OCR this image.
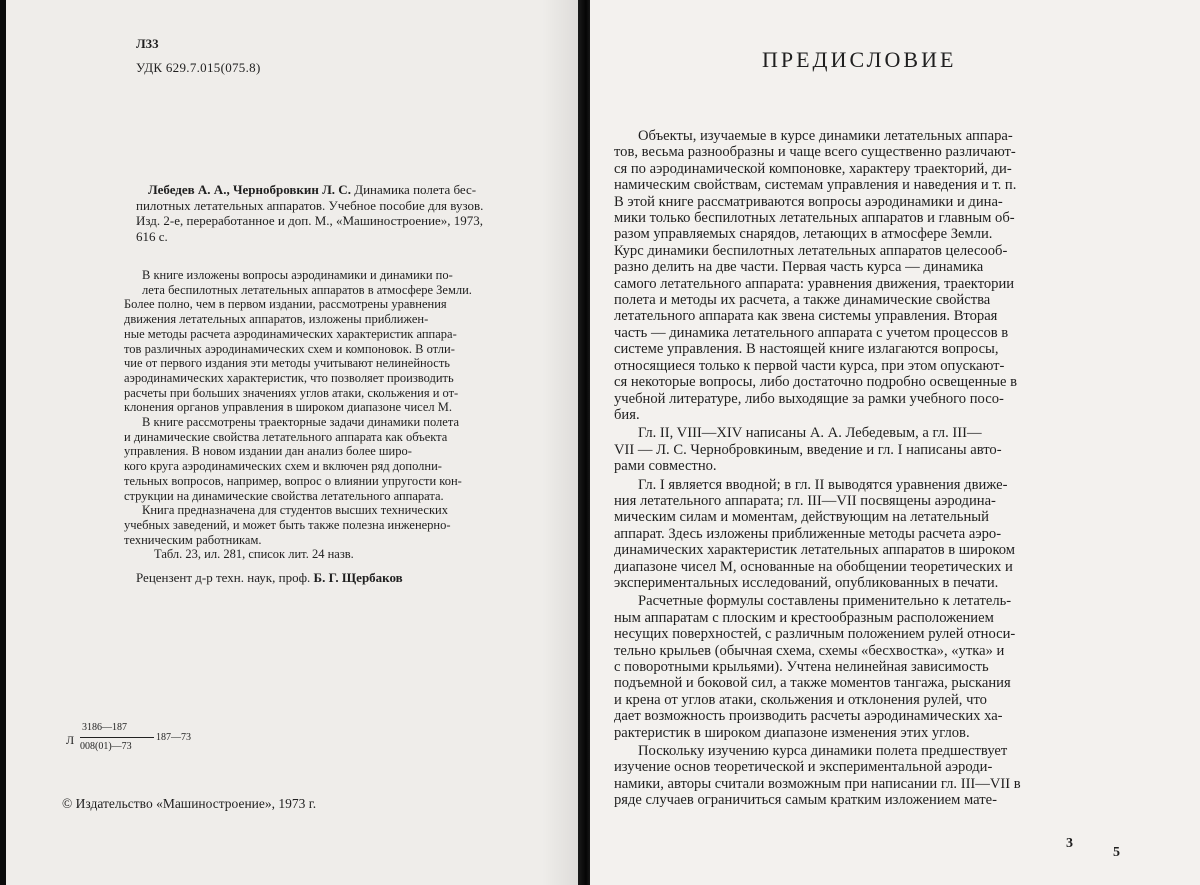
Л33
УДК 629.7.015(075.8)
Лебедев А. А., Чернобровкин Л. С. Динамика полета бес-
пилотных летательных аппаратов. Учебное пособие для вузов.
Изд. 2-е, переработанное и доп. М., «Машиностроение», 1973,
616 с.
В книге изложены вопросы аэродинамики и динамики по-
лета беспилотных летательных аппаратов в атмосфере Земли.
Более полно, чем в первом издании, рассмотрены уравнения
движения летательных аппаратов, изложены приближен-
ные методы расчета аэродинамических характеристик аппара-
тов различных аэродинамических схем и компоновок. В отли-
чие от первого издания эти методы учитывают нелинейность
аэродинамических характеристик, что позволяет производить
расчеты при больших значениях углов атаки, скольжения и от-
клонения органов управления в широком диапазоне чисел М.
В книге рассмотрены траекторные задачи динамики полета
и динамические свойства летательного аппарата как объекта
управления. В новом издании дан анализ более широ-
кого круга аэродинамических схем и включен ряд дополни-
тельных вопросов, например, вопрос о влиянии упругости кон-
струкции на динамические свойства летательного аппарата.
Книга предназначена для студентов высших технических
учебных заведений, и может быть также полезна инженерно-
техническим работникам.
Табл. 23, ил. 281, список лит. 24 назв.
Рецензент д-р техн. наук, проф. Б. Г. Щербаков
Л
3186—187
008(01)—73
187—73
© Издательство «Машиностроение», 1973 г.
ПРЕДИСЛОВИЕ
Объекты, изучаемые в курсе динамики летательных аппара-
тов, весьма разнообразны и чаще всего существенно различают-
ся по аэродинамической компоновке, характеру траекторий, ди-
намическим свойствам, системам управления и наведения и т. п.
В этой книге рассматриваются вопросы аэродинамики и дина-
мики только беспилотных летательных аппаратов и главным об-
разом управляемых снарядов, летающих в атмосфере Земли.
Курс динамики беспилотных летательных аппаратов целесооб-
разно делить на две части. Первая часть курса — динамика
самого летательного аппарата: уравнения движения, траектории
полета и методы их расчета, а также динамические свойства
летательного аппарата как звена системы управления. Вторая
часть — динамика летательного аппарата с учетом процессов в
системе управления. В настоящей книге излагаются вопросы,
относящиеся только к первой части курса, при этом опускают-
ся некоторые вопросы, либо достаточно подробно освещенные в
учебной литературе, либо выходящие за рамки учебного посо-
бия.
Гл. II, VIII—XIV написаны А. А. Лебедевым, а гл. III—
VII — Л. С. Чернобровкиным, введение и гл. I написаны авто-
рами совместно.
Гл. I является вводной; в гл. II выводятся уравнения движе-
ния летательного аппарата; гл. III—VII посвящены аэродина-
мическим силам и моментам, действующим на летательный
аппарат. Здесь изложены приближенные методы расчета аэро-
динамических характеристик летательных аппаратов в широком
диапазоне чисел М, основанные на обобщении теоретических и
экспериментальных исследований, опубликованных в печати.
Расчетные формулы составлены применительно к летатель-
ным аппаратам с плоским и крестообразным расположением
несущих поверхностей, с различным положением рулей относи-
тельно крыльев (обычная схема, схемы «бесхвостка», «утка» и
с поворотными крыльями). Учтена нелинейная зависимость
подъемной и боковой сил, а также моментов тангажа, рыскания
и крена от углов атаки, скольжения и отклонения рулей, что
дает возможность производить расчеты аэродинамических ха-
рактеристик в широком диапазоне изменения этих углов.
Поскольку изучению курса динамики полета предшествует
изучение основ теоретической и экспериментальной аэроди-
намики, авторы считали возможным при написании гл. III—VII в
ряде случаев ограничиться самым кратким изложением мате-
3
5
